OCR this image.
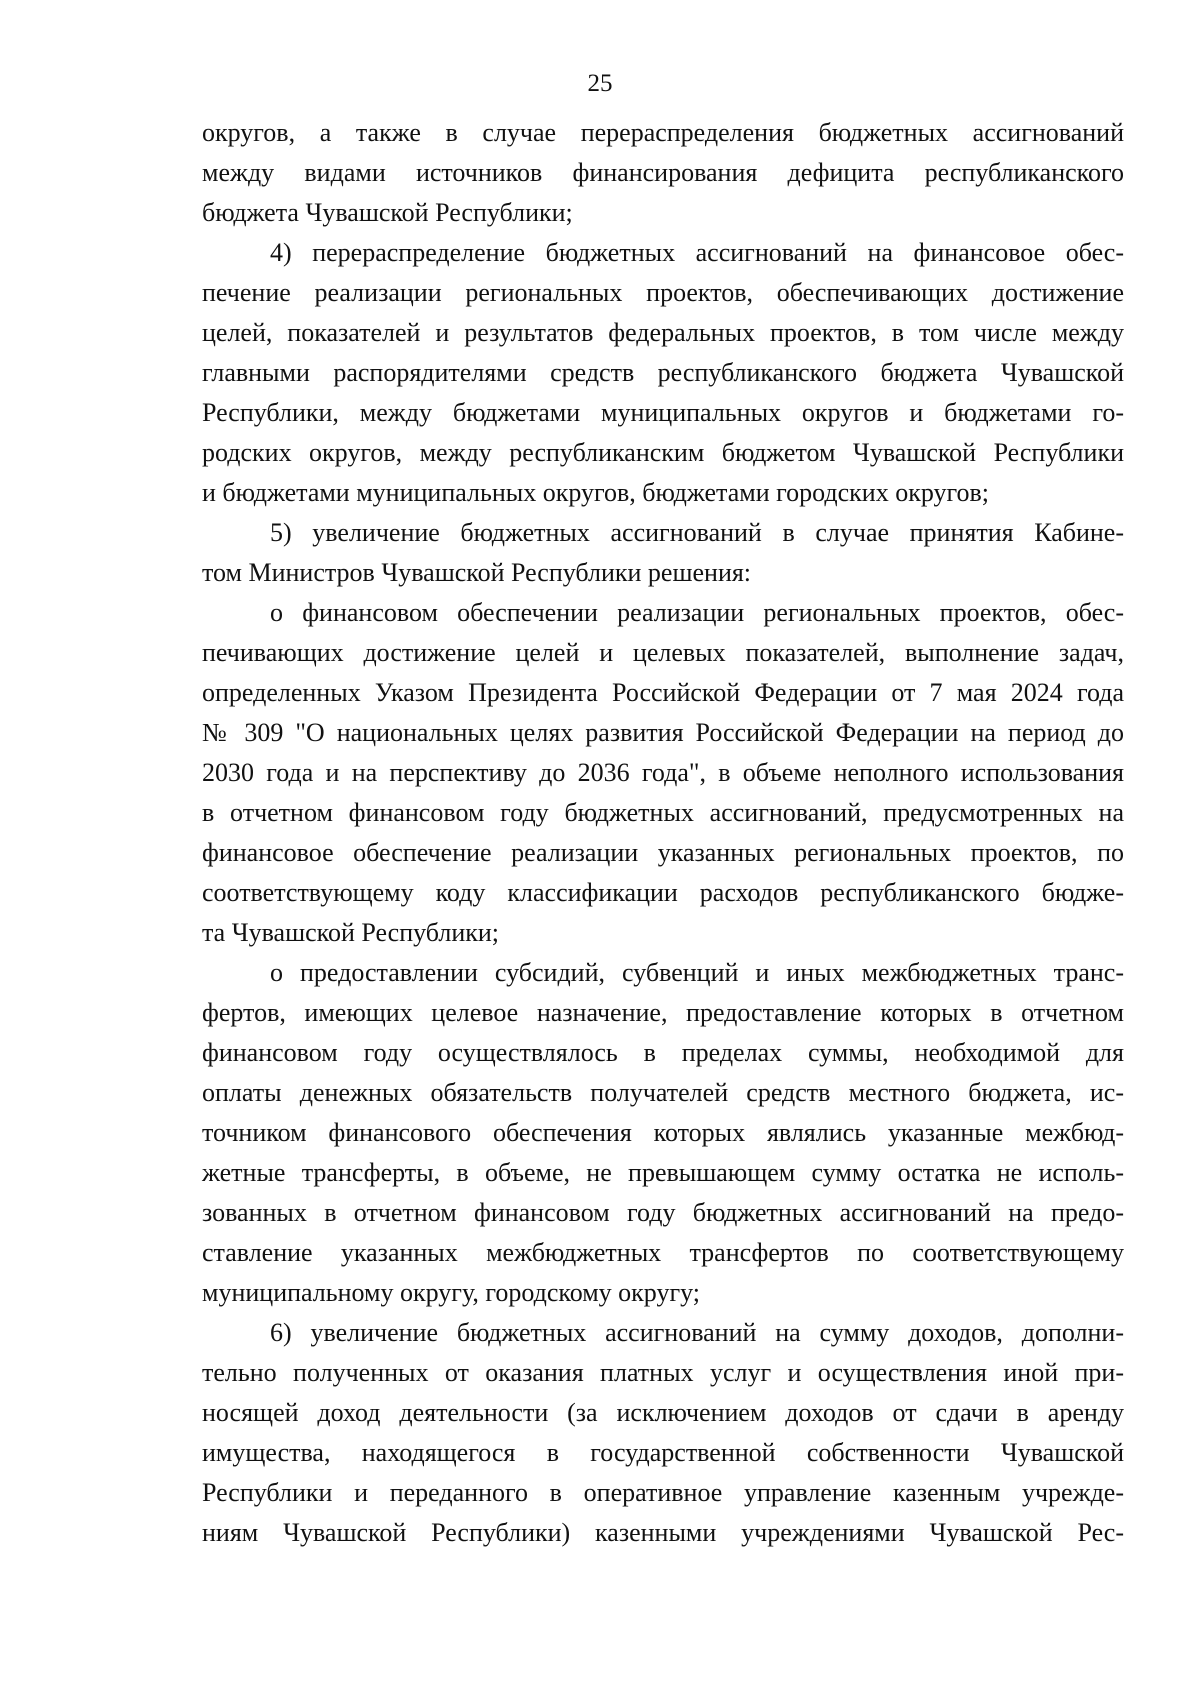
25
округов, а также в случае перераспределения бюджетных ассигнований
между видами источников финансирования дефицита республиканского
бюджета Чувашской Республики;
4) перераспределение бюджетных ассигнований на финансовое обес-
печение реализации региональных проектов, обеспечивающих достижение
целей, показателей и результатов федеральных проектов, в том числе между
главными распорядителями средств республиканского бюджета Чувашской
Республики, между бюджетами муниципальных округов и бюджетами го-
родских округов, между республиканским бюджетом Чувашской Республики
и бюджетами муниципальных округов, бюджетами городских округов;
5) увеличение бюджетных ассигнований в случае принятия Кабине-
том Министров Чувашской Республики решения:
о финансовом обеспечении реализации региональных проектов, обес-
печивающих достижение целей и целевых показателей, выполнение задач,
определенных Указом Президента Российской Федерации от 7 мая 2024 года
№ 309 "О национальных целях развития Российской Федерации на период до
2030 года и на перспективу до 2036 года", в объеме неполного использования
в отчетном финансовом году бюджетных ассигнований, предусмотренных на
финансовое обеспечение реализации указанных региональных проектов, по
соответствующему коду классификации расходов республиканского бюдже-
та Чувашской Республики;
о предоставлении субсидий, субвенций и иных межбюджетных транс-
фертов, имеющих целевое назначение, предоставление которых в отчетном
финансовом году осуществлялось в пределах суммы, необходимой для
оплаты денежных обязательств получателей средств местного бюджета, ис-
точником финансового обеспечения которых являлись указанные межбюд-
жетные трансферты, в объеме, не превышающем сумму остатка не исполь-
зованных в отчетном финансовом году бюджетных ассигнований на предо-
ставление указанных межбюджетных трансфертов по соответствующему
муниципальному округу, городскому округу;
6) увеличение бюджетных ассигнований на сумму доходов, дополни-
тельно полученных от оказания платных услуг и осуществления иной при-
носящей доход деятельности (за исключением доходов от сдачи в аренду
имущества, находящегося в государственной собственности Чувашской
Республики и переданного в оперативное управление казенным учрежде-
ниям Чувашской Республики) казенными учреждениями Чувашской Рес-
